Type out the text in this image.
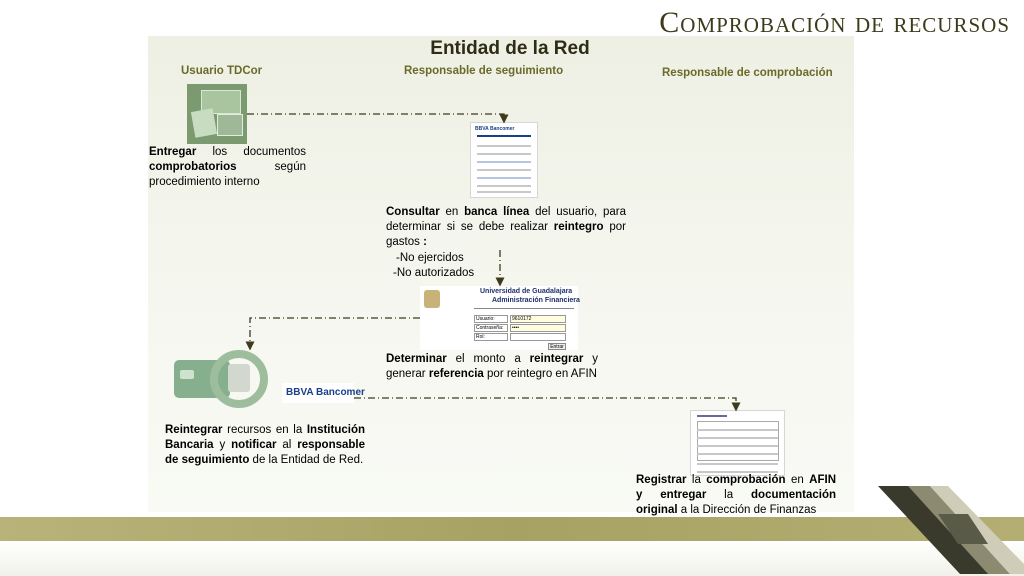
Comprobación de recursos
Entidad de la Red
Usuario TDCor	Responsable de seguimiento	Responsable de comprobación
BBVA Bancomer
Universidad de Guadalajara
Administración Financiera
Usuario:	9610172
Contraseña:	••••
Rol:
Entrar
BBVA Bancomer
Entregar los documentos comprobatorios según procedimiento interno
Consultar en banca línea del usuario, para determinar si se debe realizar reintegro por gastos :
-No ejercidos
-No autorizados
Determinar el monto a reintegrar y generar referencia por reintegro en AFIN
Reintegrar recursos en la Institución Bancaria y notificar al responsable de seguimiento de la Entidad de Red.
Registrar la comprobación en AFIN y entregar la documentación original a la Dirección de Finanzas
